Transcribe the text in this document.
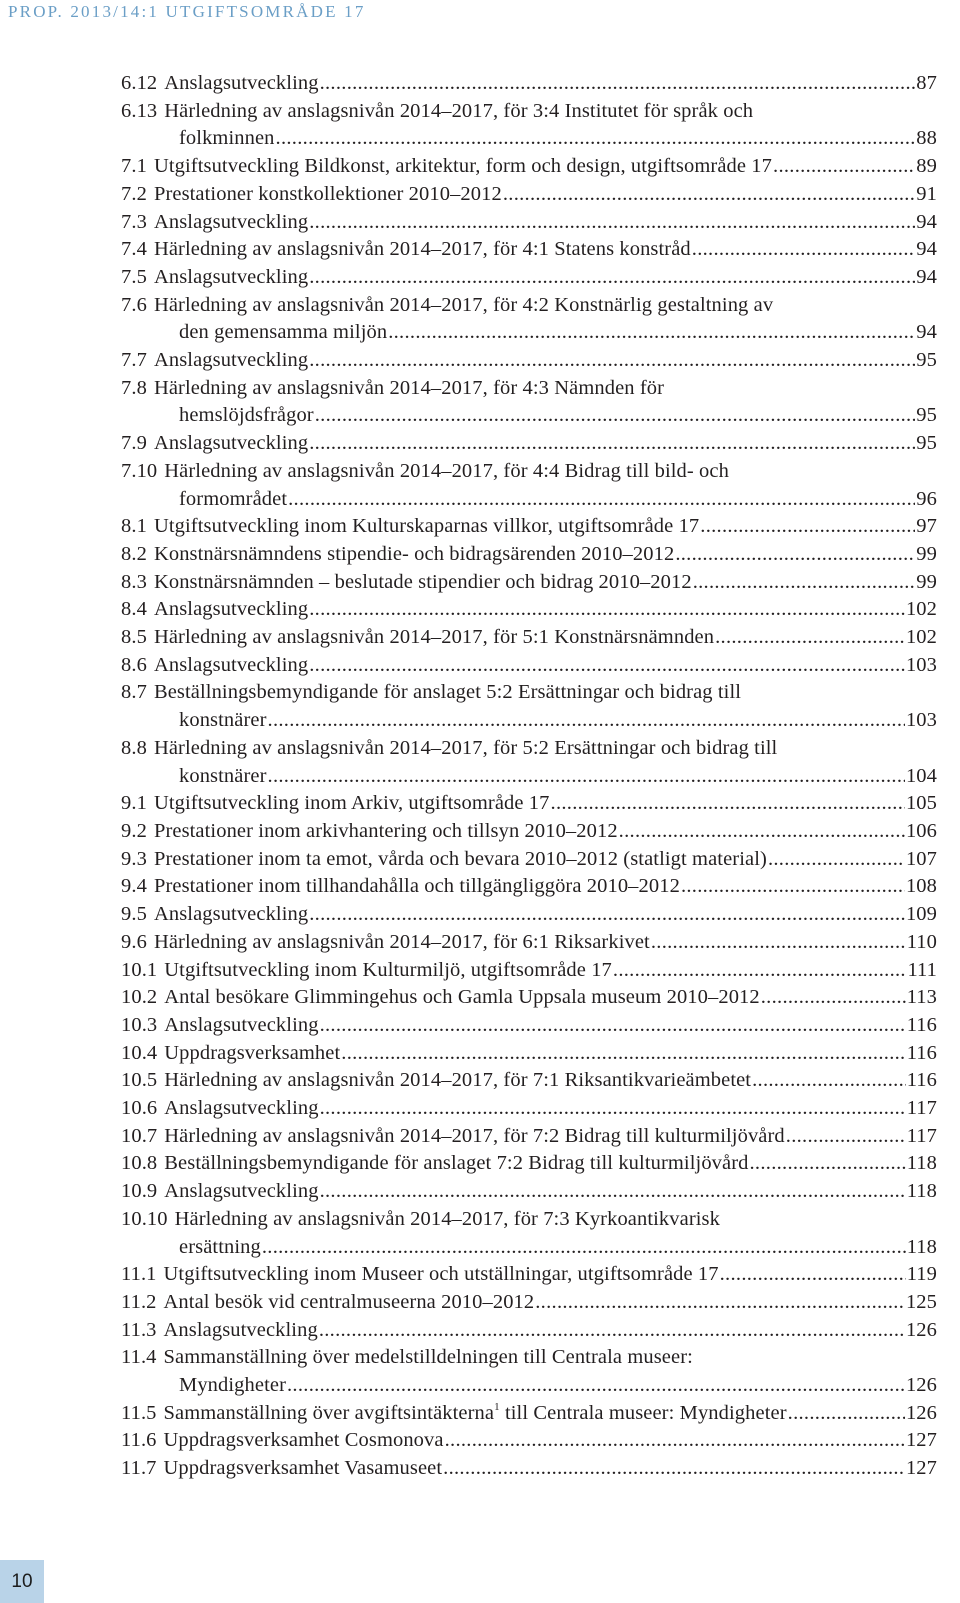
PROP. 2013/14:1 UTGIFTSOMRÅDE 17
6.12 Anslagsutveckling .....	87
6.13 Härledning av anslagsnivån 2014–2017, för 3:4 Institutet för språk och
folkminnen .....	88
7.1 Utgiftsutveckling Bildkonst, arkitektur, form och design, utgiftsområde 17 .....	89
7.2 Prestationer konstkollektioner 2010–2012 .....	91
7.3 Anslagsutveckling .....	94
7.4 Härledning av anslagsnivån 2014–2017, för 4:1 Statens konstråd .....	94
7.5 Anslagsutveckling .....	94
7.6 Härledning av anslagsnivån 2014–2017, för 4:2 Konstnärlig gestaltning av
den gemensamma miljön .....	94
7.7 Anslagsutveckling .....	95
7.8 Härledning av anslagsnivån 2014–2017, för 4:3 Nämnden för
hemslöjdsfrågor .....	95
7.9 Anslagsutveckling .....	95
7.10 Härledning av anslagsnivån 2014–2017, för 4:4 Bidrag till bild- och
formområdet .....	96
8.1 Utgiftsutveckling inom Kulturskaparnas villkor, utgiftsområde 17 .....	97
8.2 Konstnärsnämndens stipendie- och bidragsärenden 2010–2012 .....	99
8.3 Konstnärsnämnden – beslutade stipendier och bidrag 2010–2012 .....	99
8.4 Anslagsutveckling .....	102
8.5 Härledning av anslagsnivån 2014–2017, för 5:1 Konstnärsnämnden .....	102
8.6 Anslagsutveckling .....	103
8.7 Beställningsbemyndigande för anslaget 5:2 Ersättningar och bidrag till
konstnärer .....	103
8.8 Härledning av anslagsnivån 2014–2017, för 5:2 Ersättningar och bidrag till
konstnärer .....	104
9.1 Utgiftsutveckling inom Arkiv, utgiftsområde 17 .....	105
9.2 Prestationer inom arkivhantering och tillsyn 2010–2012 .....	106
9.3 Prestationer inom ta emot, vårda och bevara 2010–2012 (statligt material) .....	107
9.4 Prestationer inom tillhandahålla och tillgängliggöra 2010–2012 .....	108
9.5 Anslagsutveckling .....	109
9.6 Härledning av anslagsnivån 2014–2017, för 6:1 Riksarkivet .....	110
10.1 Utgiftsutveckling inom Kulturmiljö, utgiftsområde 17 .....	111
10.2 Antal besökare Glimmingehus och Gamla Uppsala museum 2010–2012 .....	113
10.3 Anslagsutveckling .....	116
10.4 Uppdragsverksamhet .....	116
10.5 Härledning av anslagsnivån 2014–2017, för 7:1 Riksantikvarieämbetet .....	116
10.6 Anslagsutveckling .....	117
10.7 Härledning av anslagsnivån 2014–2017, för 7:2 Bidrag till kulturmiljövård .....	117
10.8 Beställningsbemyndigande för anslaget 7:2 Bidrag till kulturmiljövård .....	118
10.9 Anslagsutveckling .....	118
10.10 Härledning av anslagsnivån 2014–2017, för 7:3 Kyrkoantikvarisk
ersättning .....	118
11.1 Utgiftsutveckling inom Museer och utställningar, utgiftsområde 17 .....	119
11.2 Antal besök vid centralmuseerna 2010–2012 .....	125
11.3 Anslagsutveckling .....	126
11.4 Sammanställning över medelstilldelningen till Centrala museer:
Myndigheter .....	126
11.5 Sammanställning över avgiftsintäkterna$^1$ till Centrala museer: Myndigheter .....	126
11.6 Uppdragsverksamhet Cosmonova .....	127
11.7 Uppdragsverksamhet Vasamuseet .....	127
10
